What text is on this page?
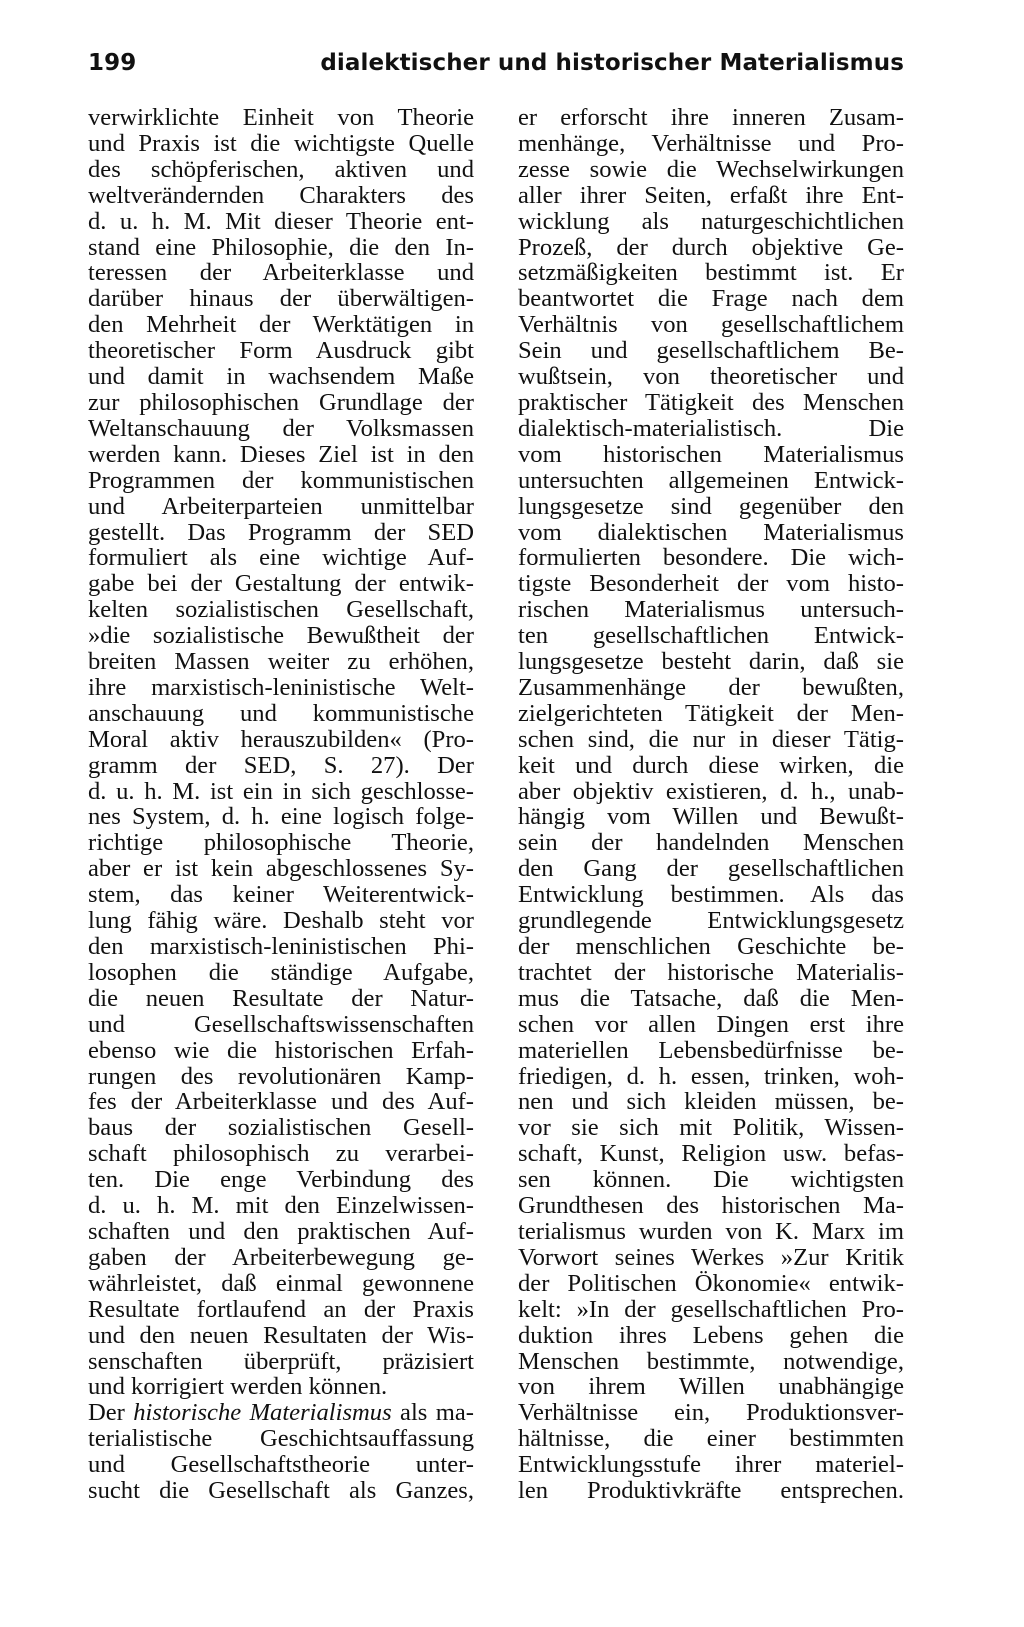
199	dialektischer und historischer Materialismus
verwirklichte Einheit von Theorie
und Praxis ist die wichtigste Quelle
des schöpferischen, aktiven und
weltverändernden Charakters des
d. u. h. M. Mit dieser Theorie ent-
stand eine Philosophie, die den In-
teressen der Arbeiterklasse und
darüber hinaus der überwältigen-
den Mehrheit der Werktätigen in
theoretischer Form Ausdruck gibt
und damit in wachsendem Maße
zur philosophischen Grundlage der
Weltanschauung der Volksmassen
werden kann. Dieses Ziel ist in den
Programmen der kommunistischen
und Arbeiterparteien unmittelbar
gestellt. Das Programm der SED
formuliert als eine wichtige Auf-
gabe bei der Gestaltung der entwik-
kelten sozialistischen Gesellschaft,
»die sozialistische Bewußtheit der
breiten Massen weiter zu erhöhen,
ihre marxistisch-leninistische Welt-
anschauung und kommunistische
Moral aktiv herauszubilden« (Pro-
gramm der SED, S. 27). Der
d. u. h. M. ist ein in sich geschlosse-
nes System, d. h. eine logisch folge-
richtige philosophische Theorie,
aber er ist kein abgeschlossenes Sy-
stem, das keiner Weiterentwick-
lung fähig wäre. Deshalb steht vor
den marxistisch-leninistischen Phi-
losophen die ständige Aufgabe,
die neuen Resultate der Natur-
und Gesellschaftswissenschaften
ebenso wie die historischen Erfah-
rungen des revolutionären Kamp-
fes der Arbeiterklasse und des Auf-
baus der sozialistischen Gesell-
schaft philosophisch zu verarbei-
ten. Die enge Verbindung des
d. u. h. M. mit den Einzelwissen-
schaften und den praktischen Auf-
gaben der Arbeiterbewegung ge-
währleistet, daß einmal gewonnene
Resultate fortlaufend an der Praxis
und den neuen Resultaten der Wis-
senschaften überprüft, präzisiert
und korrigiert werden können.
Der historische Materialismus als ma-
terialistische Geschichtsauffassung
und Gesellschaftstheorie unter-
sucht die Gesellschaft als Ganzes,
er erforscht ihre inneren Zusam-
menhänge, Verhältnisse und Pro-
zesse sowie die Wechselwirkungen
aller ihrer Seiten, erfaßt ihre Ent-
wicklung als naturgeschichtlichen
Prozeß, der durch objektive Ge-
setzmäßigkeiten bestimmt ist. Er
beantwortet die Frage nach dem
Verhältnis von gesellschaftlichem
Sein und gesellschaftlichem Be-
wußtsein, von theoretischer und
praktischer Tätigkeit des Menschen
dialektisch-materialistisch. Die
vom historischen Materialismus
untersuchten allgemeinen Entwick-
lungsgesetze sind gegenüber den
vom dialektischen Materialismus
formulierten besondere. Die wich-
tigste Besonderheit der vom histo-
rischen Materialismus untersuch-
ten gesellschaftlichen Entwick-
lungsgesetze besteht darin, daß sie
Zusammenhänge der bewußten,
zielgerichteten Tätigkeit der Men-
schen sind, die nur in dieser Tätig-
keit und durch diese wirken, die
aber objektiv existieren, d. h., unab-
hängig vom Willen und Bewußt-
sein der handelnden Menschen
den Gang der gesellschaftlichen
Entwicklung bestimmen. Als das
grundlegende Entwicklungsgesetz
der menschlichen Geschichte be-
trachtet der historische Materialis-
mus die Tatsache, daß die Men-
schen vor allen Dingen erst ihre
materiellen Lebensbedürfnisse be-
friedigen, d. h. essen, trinken, woh-
nen und sich kleiden müssen, be-
vor sie sich mit Politik, Wissen-
schaft, Kunst, Religion usw. befas-
sen können. Die wichtigsten
Grundthesen des historischen Ma-
terialismus wurden von K. Marx im
Vorwort seines Werkes »Zur Kritik
der Politischen Ökonomie« entwik-
kelt: »In der gesellschaftlichen Pro-
duktion ihres Lebens gehen die
Menschen bestimmte, notwendige,
von ihrem Willen unabhängige
Verhältnisse ein, Produktionsver-
hältnisse, die einer bestimmten
Entwicklungsstufe ihrer materiel-
len Produktivkräfte entsprechen.
